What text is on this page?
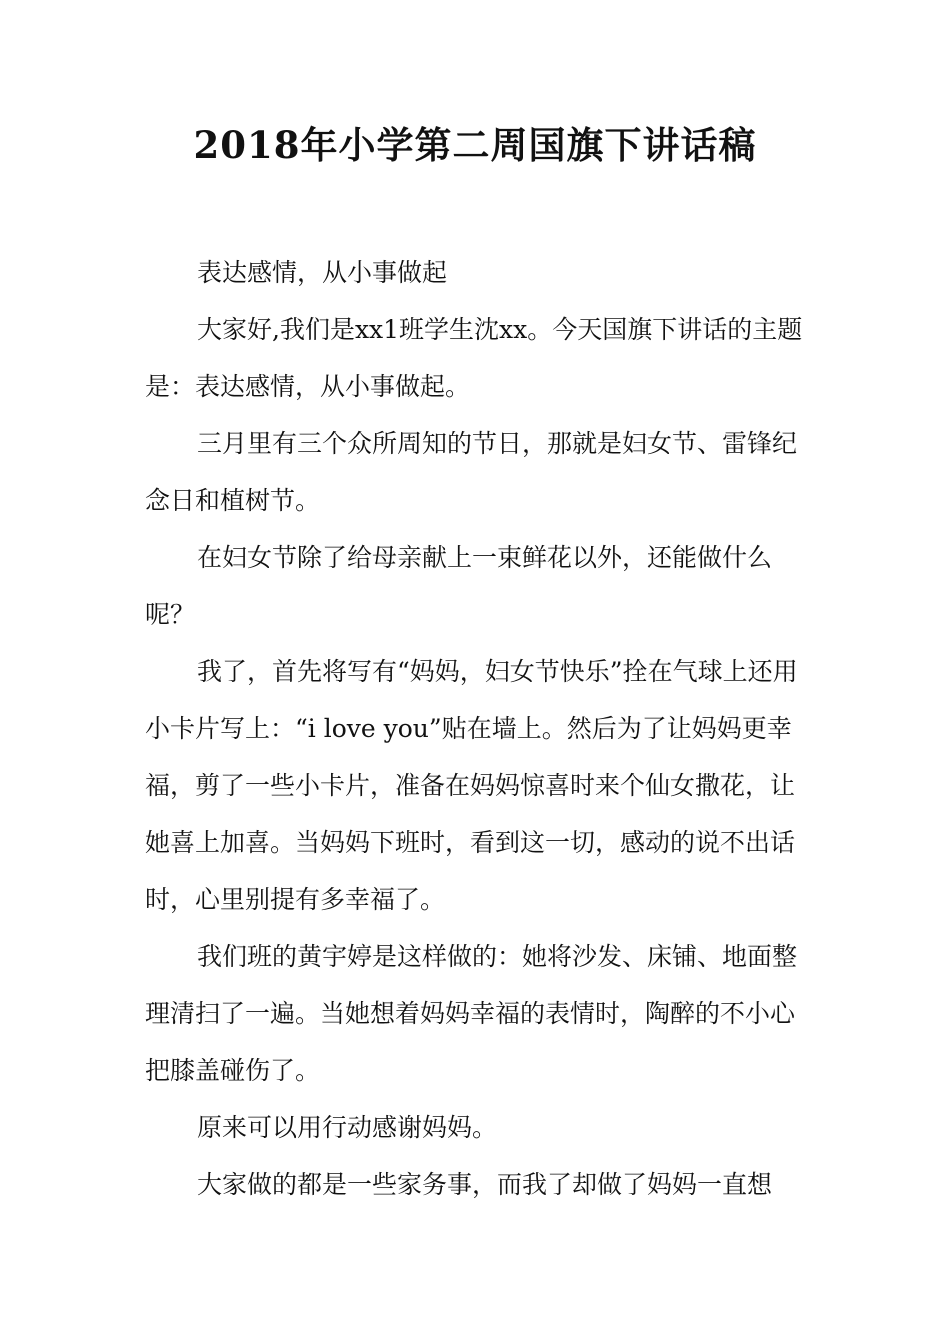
2018年小学第二周国旗下讲话稿

表达感情，从小事做起

大家好,我们是xx1班学生沈xx。今天国旗下讲话的主题是：表达感情，从小事做起。

三月里有三个众所周知的节日，那就是妇女节、雷锋纪念日和植树节。

在妇女节除了给母亲献上一束鲜花以外，还能做什么呢？

我了，首先将写有“妈妈，妇女节快乐”拴在气球上还用小卡片写上：“i love you”贴在墙上。然后为了让妈妈更幸福，剪了一些小卡片，准备在妈妈惊喜时来个仙女撒花，让她喜上加喜。当妈妈下班时，看到这一切，感动的说不出话时，心里别提有多幸福了。

我们班的黄宇婷是这样做的：她将沙发、床铺、地面整理清扫了一遍。当她想着妈妈幸福的表情时，陶醉的不小心把膝盖碰伤了。

原来可以用行动感谢妈妈。

大家做的都是一些家务事，而我了却做了妈妈一直想
